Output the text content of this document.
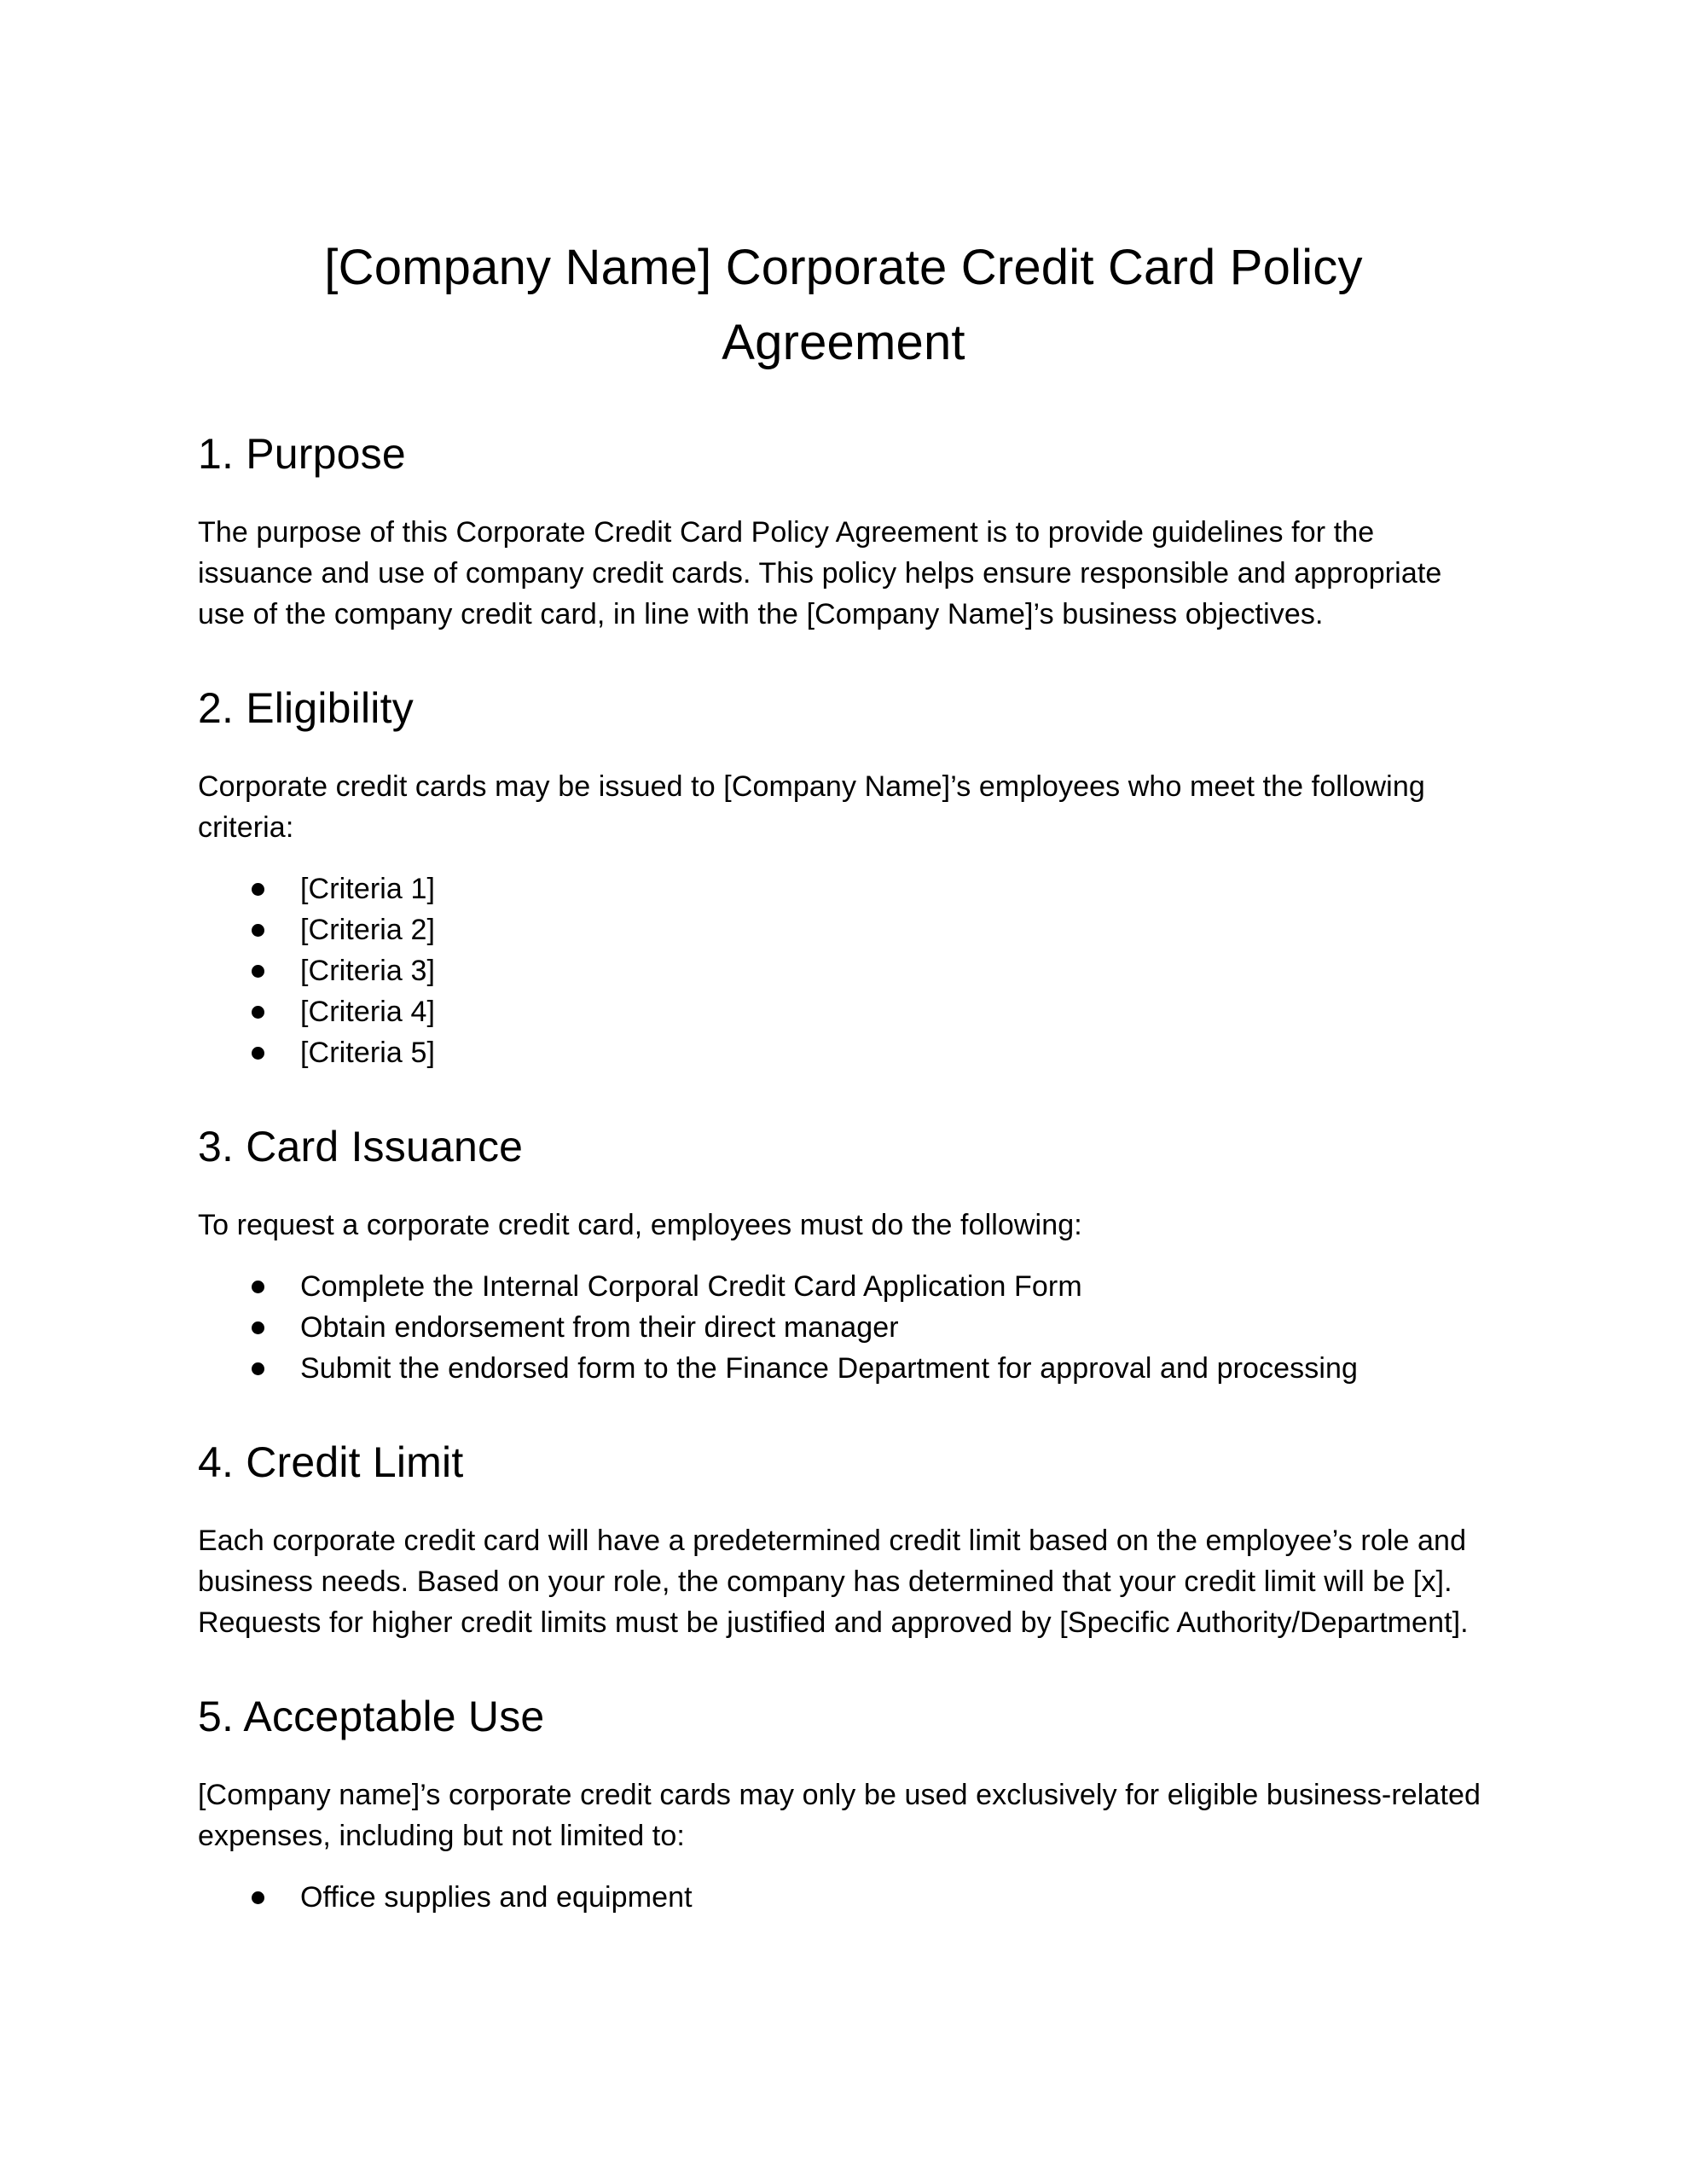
[Company Name] Corporate Credit Card Policy Agreement
1. Purpose

The purpose of this Corporate Credit Card Policy Agreement is to provide guidelines for the issuance and use of company credit cards. This policy helps ensure responsible and appropriate use of the company credit card, in line with the [Company Name]’s business objectives.

2. Eligibility

Corporate credit cards may be issued to [Company Name]’s employees who meet the following criteria:

[Criteria 1]
[Criteria 2]
[Criteria 3]
[Criteria 4]
[Criteria 5]
3. Card Issuance

To request a corporate credit card, employees must do the following:

Complete the Internal Corporal Credit Card Application Form
Obtain endorsement from their direct manager
Submit the endorsed form to the Finance Department for approval and processing
4. Credit Limit

Each corporate credit card will have a predetermined credit limit based on the employee’s role and business needs. Based on your role, the company has determined that your credit limit will be [x]. Requests for higher credit limits must be justified and approved by [Specific Authority/Department].

5. Acceptable Use

[Company name]’s corporate credit cards may only be used exclusively for eligible business-related expenses, including but not limited to:

Office supplies and equipment
